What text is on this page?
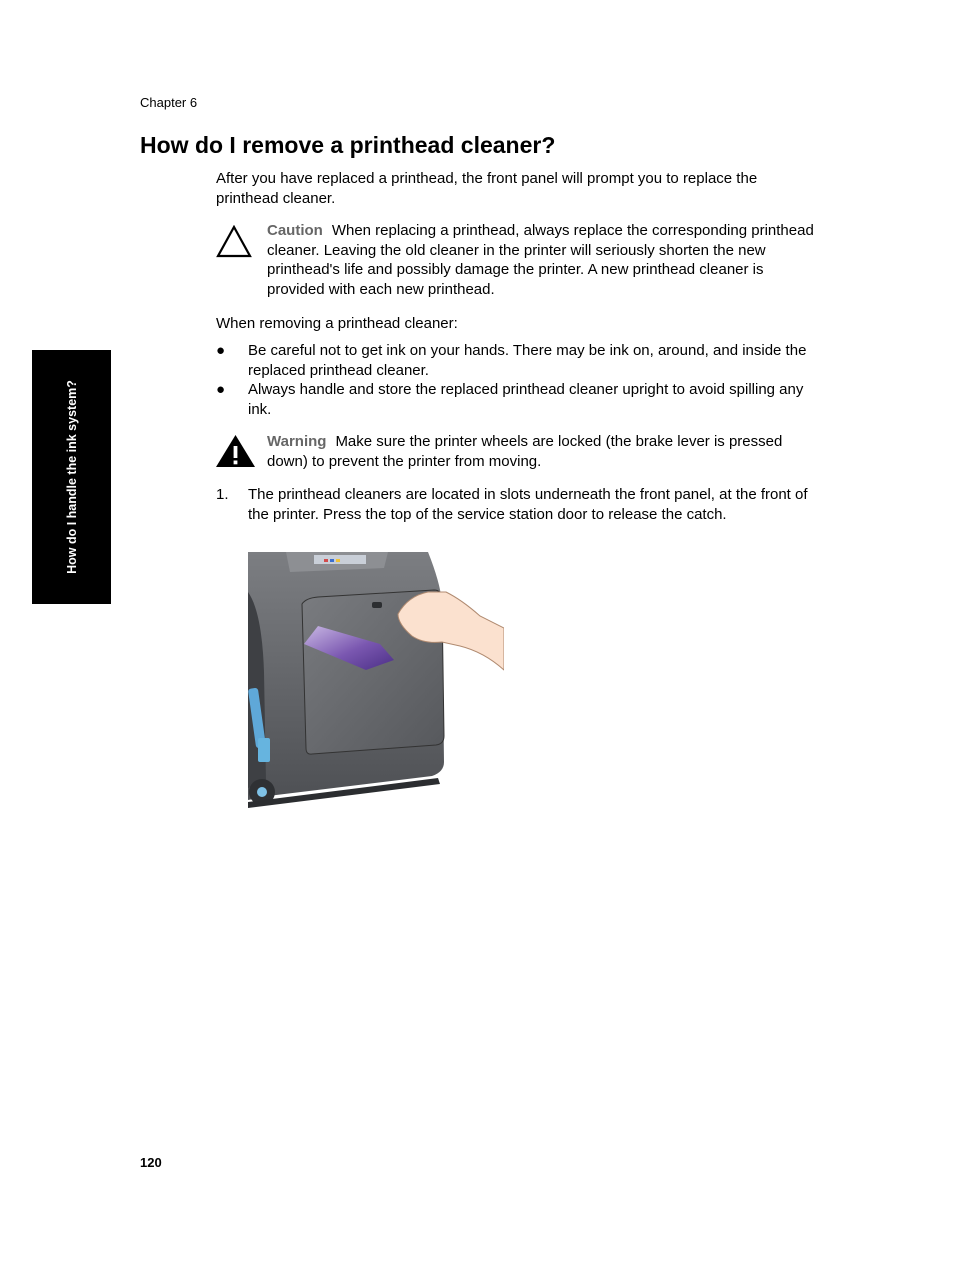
Chapter 6
How do I remove a printhead cleaner?
After you have replaced a printhead, the front panel will prompt you to replace the printhead cleaner.
Caution When replacing a printhead, always replace the corresponding printhead cleaner. Leaving the old cleaner in the printer will seriously shorten the new printhead's life and possibly damage the printer. A new printhead cleaner is provided with each new printhead.
When removing a printhead cleaner:
● Be careful not to get ink on your hands. There may be ink on, around, and inside the replaced printhead cleaner.
● Always handle and store the replaced printhead cleaner upright to avoid spilling any ink.
Warning Make sure the printer wheels are locked (the brake lever is pressed down) to prevent the printer from moving.
1. The printhead cleaners are located in slots underneath the front panel, at the front of the printer. Press the top of the service station door to release the catch.
How do I handle the ink system?
120
